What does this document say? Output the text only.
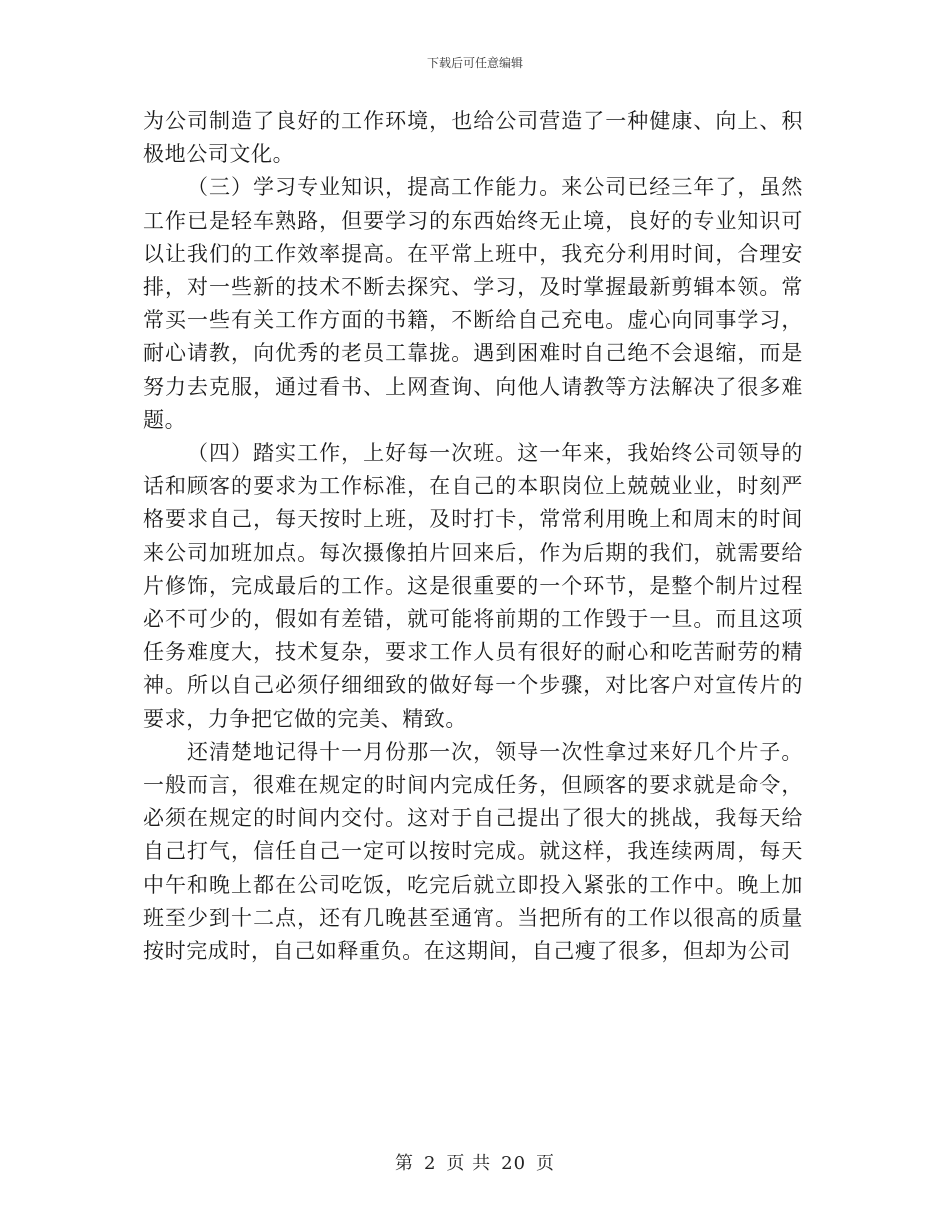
下载后可任意编辑

为公司制造了良好的工作环境，也给公司营造了一种健康、向上、积极地公司文化。

（三）学习专业知识，提高工作能力。来公司已经三年了，虽然工作已是轻车熟路，但要学习的东西始终无止境，良好的专业知识可以让我们的工作效率提高。在平常上班中，我充分利用时间，合理安排，对一些新的技术不断去探究、学习，及时掌握最新剪辑本领。常常买一些有关工作方面的书籍，不断给自己充电。虚心向同事学习，耐心请教，向优秀的老员工靠拢。遇到困难时自己绝不会退缩，而是努力去克服，通过看书、上网查询、向他人请教等方法解决了很多难题。

（四）踏实工作，上好每一次班。这一年来，我始终公司领导的话和顾客的要求为工作标准，在自己的本职岗位上兢兢业业，时刻严格要求自己，每天按时上班，及时打卡，常常利用晚上和周末的时间来公司加班加点。每次摄像拍片回来后，作为后期的我们，就需要给片修饰，完成最后的工作。这是很重要的一个环节，是整个制片过程必不可少的，假如有差错，就可能将前期的工作毁于一旦。而且这项任务难度大，技术复杂，要求工作人员有很好的耐心和吃苦耐劳的精神。所以自己必须仔细细致的做好每一个步骤，对比客户对宣传片的要求，力争把它做的完美、精致。

还清楚地记得十一月份那一次，领导一次性拿过来好几个片子。一般而言，很难在规定的时间内完成任务，但顾客的要求就是命令，必须在规定的时间内交付。这对于自己提出了很大的挑战，我每天给自己打气，信任自己一定可以按时完成。就这样，我连续两周，每天中午和晚上都在公司吃饭，吃完后就立即投入紧张的工作中。晚上加班至少到十二点，还有几晚甚至通宵。当把所有的工作以很高的质量按时完成时，自己如释重负。在这期间，自己瘦了很多，但却为公司

第 2 页 共 20 页
